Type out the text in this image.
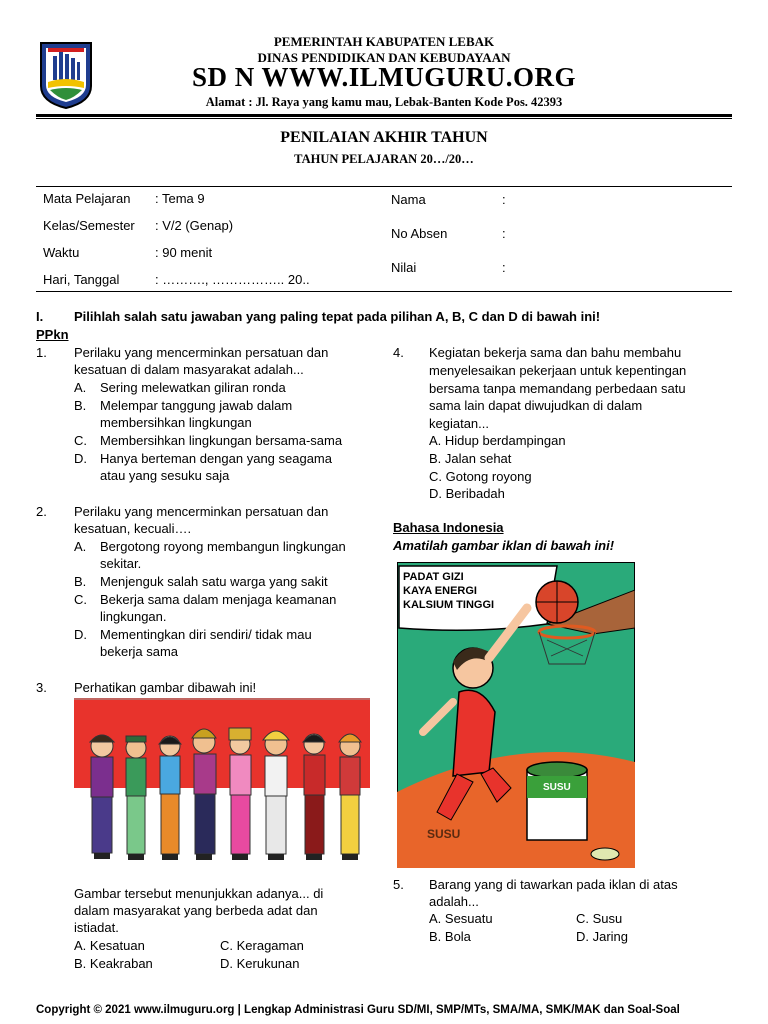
PEMERINTAH KABUPATEN LEBAK
DINAS PENDIDIKAN DAN KEBUDAYAAN
SD N WWW.ILMUGURU.ORG
Alamat : Jl. Raya yang kamu mau, Lebak-Banten Kode Pos. 42393
PENILAIAN AKHIR TAHUN
TAHUN PELAJARAN 20…/20…
Mata Pelajaran : Tema 9
Kelas/Semester : V/2 (Genap)
Waktu	: 90 menit
Hari, Tanggal	: ………., …………….. 20..
Nama	:
No Absen	:
Nilai	:
I. Pilihlah salah satu jawaban yang paling tepat pada pilihan A, B, C dan D di bawah ini!
PPkn
1. Perilaku yang mencerminkan persatuan dan
kesatuan di dalam masyarakat adalah...
A. Sering melewatkan giliran ronda
B. Melempar tanggung jawab dalam
membersihkan lingkungan
C. Membersihkan lingkungan bersama-sama
D. Hanya berteman dengan yang seagama
atau yang sesuku saja
2. Perilaku yang mencerminkan persatuan dan
kesatuan, kecuali….
A. Bergotong royong membangun lingkungan
sekitar.
B. Menjenguk salah satu warga yang sakit
C. Bekerja sama dalam menjaga keamanan
lingkungan.
D. Mementingkan diri sendiri/ tidak mau
bekerja sama
3. Perhatikan gambar dibawah ini!
Gambar tersebut menunjukkan adanya... di
dalam masyarakat yang berbeda adat dan
istiadat.
A. Kesatuan	C. Keragaman
B. Keakraban	D. Kerukunan
4. Kegiatan bekerja sama dan bahu membahu
menyelesaikan pekerjaan untuk kepentingan
bersama tanpa memandang perbedaan satu
sama lain dapat diwujudkan di dalam
kegiatan...
A. Hidup berdampingan
B. Jalan sehat
C. Gotong royong
D. Beribadah
Bahasa Indonesia
Amatilah gambar iklan di bawah ini!
PADAT GIZI
KAYA ENERGI
KALSIUM TINGGI
SUSU
SUSU
5. Barang yang di tawarkan pada iklan di atas
adalah...
A. Sesuatu	C. Susu
B. Bola	D. Jaring
Copyright © 2021 www.ilmuguru.org | Lengkap Administrasi Guru SD/MI, SMP/MTs, SMA/MA, SMK/MAK dan Soal-Soal
